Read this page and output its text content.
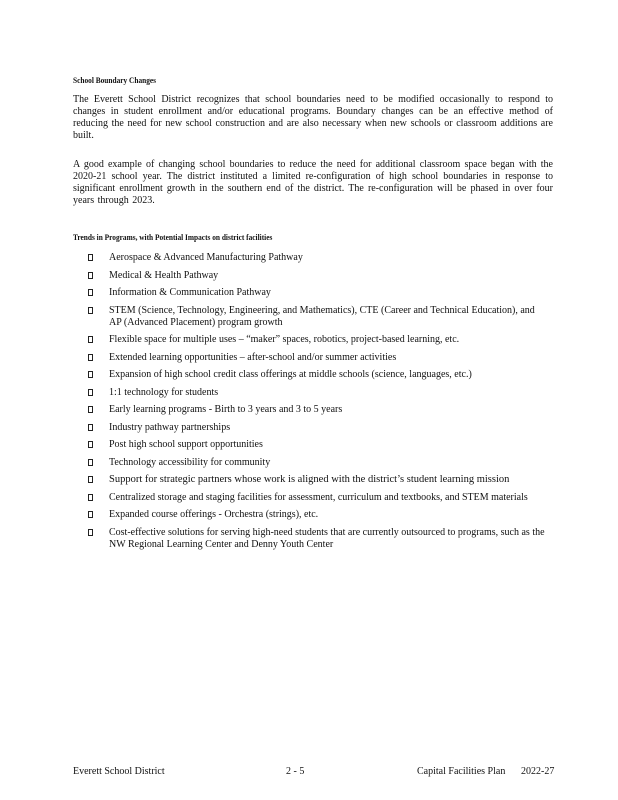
School Boundary Changes

The Everett School District recognizes that school boundaries need to be modified occasionally to respond to changes in student enrollment and/or educational programs. Boundary changes can be an effective method of reducing the need for new school construction and are also necessary when new schools or classroom additions are built.

A good example of changing school boundaries to reduce the need for additional classroom space began with the 2020-21 school year. The district instituted a limited re-configuration of high school boundaries in response to significant enrollment growth in the southern end of the district. The re-configuration will be phased in over four years through 2023.

Trends in Programs, with Potential Impacts on district facilities
Aerospace & Advanced Manufacturing Pathway
Medical & Health Pathway
Information & Communication Pathway
STEM (Science, Technology, Engineering, and Mathematics), CTE (Career and Technical Education), and AP (Advanced Placement) program growth
Flexible space for multiple uses – “maker” spaces, robotics, project-based learning, etc.
Extended learning opportunities – after-school and/or summer activities
Expansion of high school credit class offerings at middle schools (science, languages, etc.)
1:1 technology for students
Early learning programs - Birth to 3 years and 3 to 5 years
Industry pathway partnerships
Post high school support opportunities
Technology accessibility for community
Support for strategic partners whose work is aligned with the district’s student learning mission
Centralized storage and staging facilities for assessment, curriculum and textbooks, and STEM materials
Expanded course offerings - Orchestra (strings), etc.
Cost-effective solutions for serving high-need students that are currently outsourced to programs, such as the NW Regional Learning Center and Denny Youth Center
Everett School District	2 - 5	Capital Facilities Plan 2022-27
